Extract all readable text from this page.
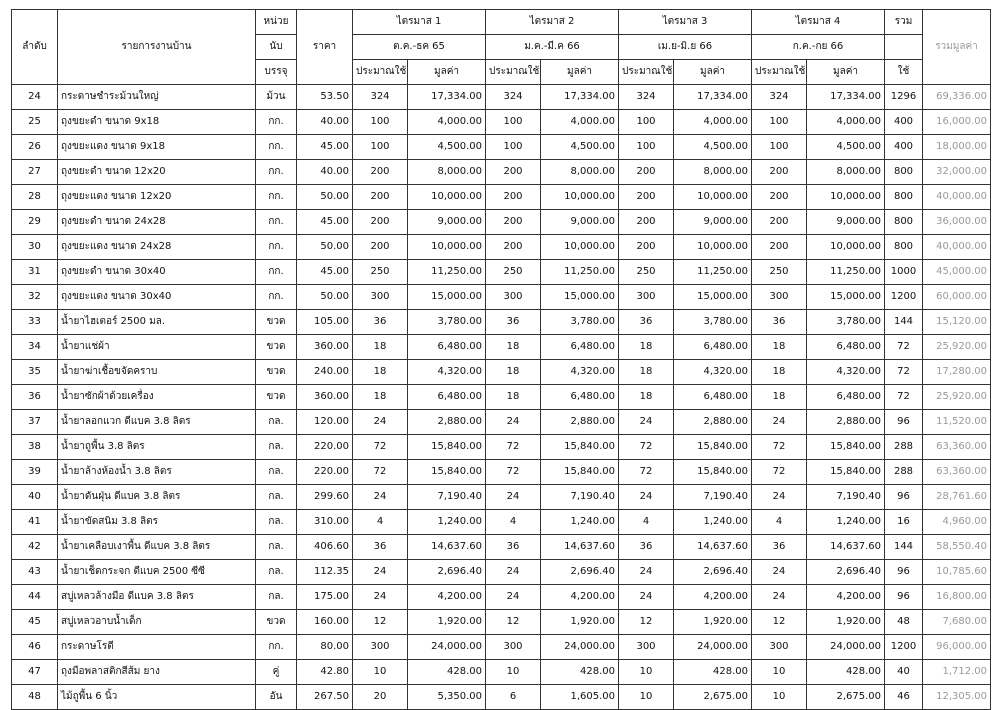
ลำดับ	รายการงานบ้าน	หน่วย	ราคา	ไตรมาส 1		ไตรมาส 2		ไตรมาส 3		ไตรมาส 4		รวม	รวมมูลค่า
		นับ		ต.ค.-ธค 65		ม.ค.-มี.ค 66		เม.ย-มิ.ย 66		ก.ค.-กย 66			
		บรรจุ		ประมาณใช้	มูลค่า	ประมาณใช้	มูลค่า	ประมาณใช้	มูลค่า	ประมาณใช้	มูลค่า	ใช้	
24	กระดาษชำระม้วนใหญ่	ม้วน	53.50	324	17,334.00	324	17,334.00	324	17,334.00	324	17,334.00	1296	69,336.00
25	ถุงขยะดำ ขนาด 9x18	กก.	40.00	100	4,000.00	100	4,000.00	100	4,000.00	100	4,000.00	400	16,000.00
26	ถุงขยะแดง ขนาด 9x18	กก.	45.00	100	4,500.00	100	4,500.00	100	4,500.00	100	4,500.00	400	18,000.00
27	ถุงขยะดำ ขนาด 12x20	กก.	40.00	200	8,000.00	200	8,000.00	200	8,000.00	200	8,000.00	800	32,000.00
28	ถุงขยะแดง ขนาด 12x20	กก.	50.00	200	10,000.00	200	10,000.00	200	10,000.00	200	10,000.00	800	40,000.00
29	ถุงขยะดำ ขนาด 24x28	กก.	45.00	200	9,000.00	200	9,000.00	200	9,000.00	200	9,000.00	800	36,000.00
30	ถุงขยะแดง ขนาด 24x28	กก.	50.00	200	10,000.00	200	10,000.00	200	10,000.00	200	10,000.00	800	40,000.00
31	ถุงขยะดำ ขนาด 30x40	กก.	45.00	250	11,250.00	250	11,250.00	250	11,250.00	250	11,250.00	1000	45,000.00
32	ถุงขยะแดง ขนาด 30x40	กก.	50.00	300	15,000.00	300	15,000.00	300	15,000.00	300	15,000.00	1200	60,000.00
33	น้ำยาไฮเตอร์ 2500 มล.	ขวด	105.00	36	3,780.00	36	3,780.00	36	3,780.00	36	3,780.00	144	15,120.00
34	น้ำยาแช่ผ้า	ขวด	360.00	18	6,480.00	18	6,480.00	18	6,480.00	18	6,480.00	72	25,920.00
35	น้ำยาฆ่าเชื้อขจัดคราบ	ขวด	240.00	18	4,320.00	18	4,320.00	18	4,320.00	18	4,320.00	72	17,280.00
36	น้ำยาซักผ้าด้วยเครื่อง	ขวด	360.00	18	6,480.00	18	6,480.00	18	6,480.00	18	6,480.00	72	25,920.00
37	น้ำยาลอกแวก ดีแบค 3.8 ลิตร	กล.	120.00	24	2,880.00	24	2,880.00	24	2,880.00	24	2,880.00	96	11,520.00
38	น้ำยาถูพื้น 3.8 ลิตร	กล.	220.00	72	15,840.00	72	15,840.00	72	15,840.00	72	15,840.00	288	63,360.00
39	น้ำยาล้างห้องน้ำ 3.8 ลิตร	กล.	220.00	72	15,840.00	72	15,840.00	72	15,840.00	72	15,840.00	288	63,360.00
40	น้ำยาดันฝุ่น ดีแบค 3.8 ลิตร	กล.	299.60	24	7,190.40	24	7,190.40	24	7,190.40	24	7,190.40	96	28,761.60
41	น้ำยาขัดสนิม 3.8 ลิตร	กล.	310.00	4	1,240.00	4	1,240.00	4	1,240.00	4	1,240.00	16	4,960.00
42	น้ำยาเคลือบเงาพื้น ดีแบค 3.8 ลิตร	กล.	406.60	36	14,637.60	36	14,637.60	36	14,637.60	36	14,637.60	144	58,550.40
43	น้ำยาเช็ดกระจก ดีแบค 2500 ซีซี	กล.	112.35	24	2,696.40	24	2,696.40	24	2,696.40	24	2,696.40	96	10,785.60
44	สบู่เหลวล้างมือ ดีแบค 3.8 ลิตร	กล.	175.00	24	4,200.00	24	4,200.00	24	4,200.00	24	4,200.00	96	16,800.00
45	สบู่เหลวอาบน้ำเด็ก	ขวด	160.00	12	1,920.00	12	1,920.00	12	1,920.00	12	1,920.00	48	7,680.00
46	กระดาษโรตี	กก.	80.00	300	24,000.00	300	24,000.00	300	24,000.00	300	24,000.00	1200	96,000.00
47	ถุงมือพลาสติกสีส้ม ยาง	คู่	42.80	10	428.00	10	428.00	10	428.00	10	428.00	40	1,712.00
48	ไม้ถูพื้น 6 นิ้ว	อัน	267.50	20	5,350.00	6	1,605.00	10	2,675.00	10	2,675.00	46	12,305.00
